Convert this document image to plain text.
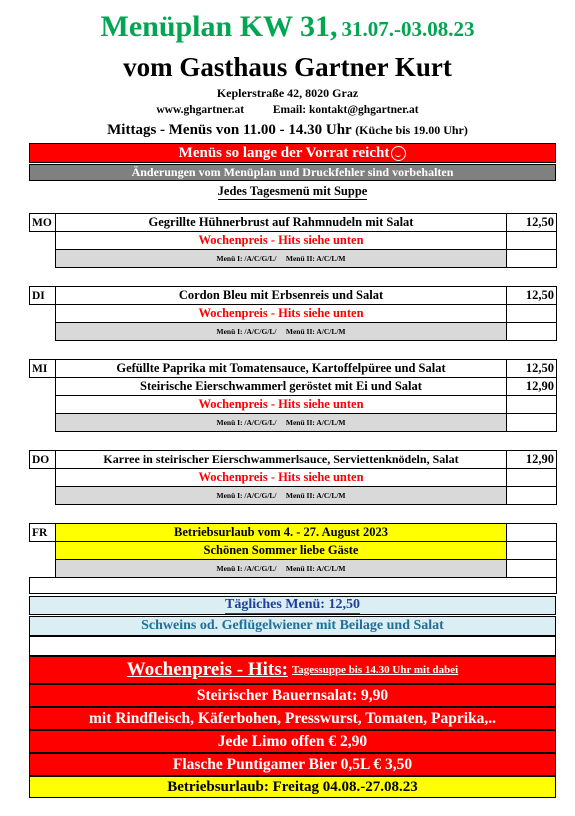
Menüplan KW 31, 31.07.-03.08.23
vom Gasthaus Gartner Kurt
Keplerstraße 42, 8020 Graz
www.ghgartner.at	Email: kontakt@ghgartner.at
Mittags - Menüs von 11.00 - 14.30 Uhr (Küche bis 19.00 Uhr)
Menüs so lange der Vorrat reicht
Änderungen vom Menüplan und Druckfehler sind vorbehalten
Jedes Tagesmenü mit Suppe
MO	Gegrillte Hühnerbrust auf Rahmnudeln mit Salat	12,50
	Wochenpreis - Hits siehe unten	
	Menü I: /A/C/G/L/     Menü II: A/C/L/M	
DI	Cordon Bleu mit Erbsenreis und Salat	12,50
	Wochenpreis - Hits siehe unten	
	Menü I: /A/C/G/L/     Menü II: A/C/L/M	
MI	Gefüllte Paprika mit Tomatensauce, Kartoffelpüree und Salat	12,50
	Steirische Eierschwammerl geröstet mit Ei und Salat	12,90
	Wochenpreis - Hits siehe unten	
	Menü I: /A/C/G/L/     Menü II: A/C/L/M	
DO	Karree in steirischer Eierschwammerlsauce, Serviettenknödeln, Salat	12,90
	Wochenpreis - Hits siehe unten	
	Menü I: /A/C/G/L/     Menü II: A/C/L/M	
FR	Betriebsurlaub vom 4. - 27. August 2023	
	Schönen Sommer liebe Gäste	
	Menü I: /A/C/G/L/     Menü II: A/C/L/M	

Tägliches Menü: 12,50
Schweins od. Geflügelwiener mit Beilage und Salat
Wochenpreis - Hits:
Tagessuppe bis 14.30 Uhr mit dabei
Steirischer Bauernsalat: 9,90
mit Rindfleisch, Käferbohen, Presswurst, Tomaten, Paprika,..
Jede Limo offen € 2,90
Flasche Puntigamer Bier 0,5L € 3,50
Betriebsurlaub: Freitag 04.08.-27.08.23
